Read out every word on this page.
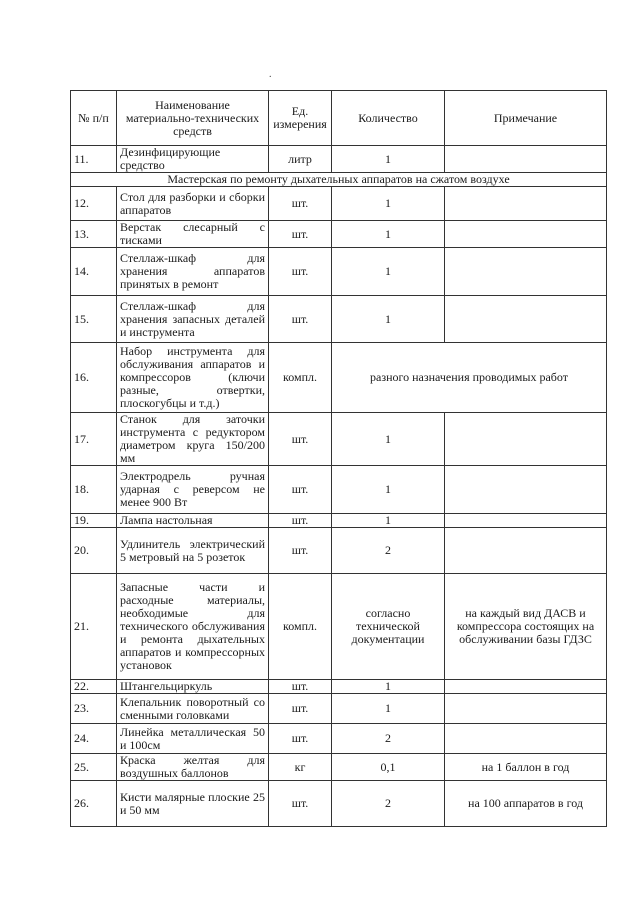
.
№ п/п	Наименование материально-технических средств	Ед. измерения	Количество	Примечание
11.	Дезинфицирующие средство	литр	1	
Мастерская по ремонту дыхательных аппаратов на сжатом воздухе				
12.	Стол для разборки и сборки аппаратов	шт.	1	
13.	Верстак слесарный с тисками	шт.	1	
14.	Стеллаж-шкаф для хранения аппаратов принятых в ремонт	шт.	1	
15.	Стеллаж-шкаф для хранения запасных деталей и инструмента	шт.	1	
16.	Набор инструмента для обслуживания аппаратов и компрессоров (ключи разные, отвертки, плоскогубцы и т.д.)	компл.	разного назначения проводимых работ	
17.	Станок для заточки инструмента с редуктором диаметром круга 150/200 мм	шт.	1	
18.	Электродрель ручная ударная с реверсом не менее 900 Вт	шт.	1	
19.	Лампа настольная	шт.	1	
20.	Удлинитель электрический 5 метровый на 5 розеток	шт.	2	
21.	Запасные части и расходные материалы, необходимые для технического обслуживания и ремонта дыхательных аппаратов и компрессорных установок	компл.	согласно технической документации	на каждый вид ДАСВ и компрессора состоящих на обслуживании базы ГДЗС
22.	Штангельциркуль	шт.	1	
23.	Клепальник поворотный со сменными головками	шт.	1	
24.	Линейка металлическая 50 и 100см	шт.	2	
25.	Краска желтая для воздушных баллонов	кг	0,1	на 1 баллон в год
26.	Кисти малярные плоские 25 и 50 мм	шт.	2	на 100 аппаратов в год
